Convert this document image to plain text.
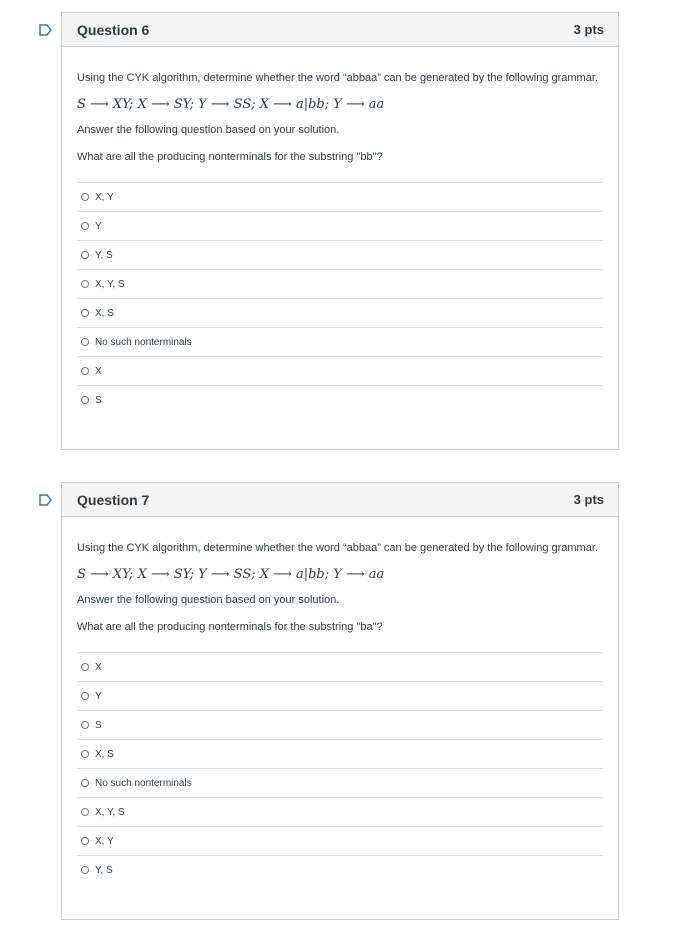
Question 6	3 pts

Using the CYK algorithm, determine whether the word “abbaa” can be generated by the following grammar.

S ⟶ XY; X ⟶ SY; Y ⟶ SS; X ⟶ a|bb; Y ⟶ aa

Answer the following question based on your solution.

What are all the producing nonterminals for the substring "bb"?

X, Y
Y
Y, S
X, Y, S
X, S
No such nonterminals
X
S
Question 7	3 pts

Using the CYK algorithm, determine whether the word “abbaa” can be generated by the following grammar.

S ⟶ XY; X ⟶ SY; Y ⟶ SS; X ⟶ a|bb; Y ⟶ aa

Answer the following question based on your solution.

What are all the producing nonterminals for the substring "ba"?

X
Y
S
X, S
No such nonterminals
X, Y, S
X, Y
Y, S
